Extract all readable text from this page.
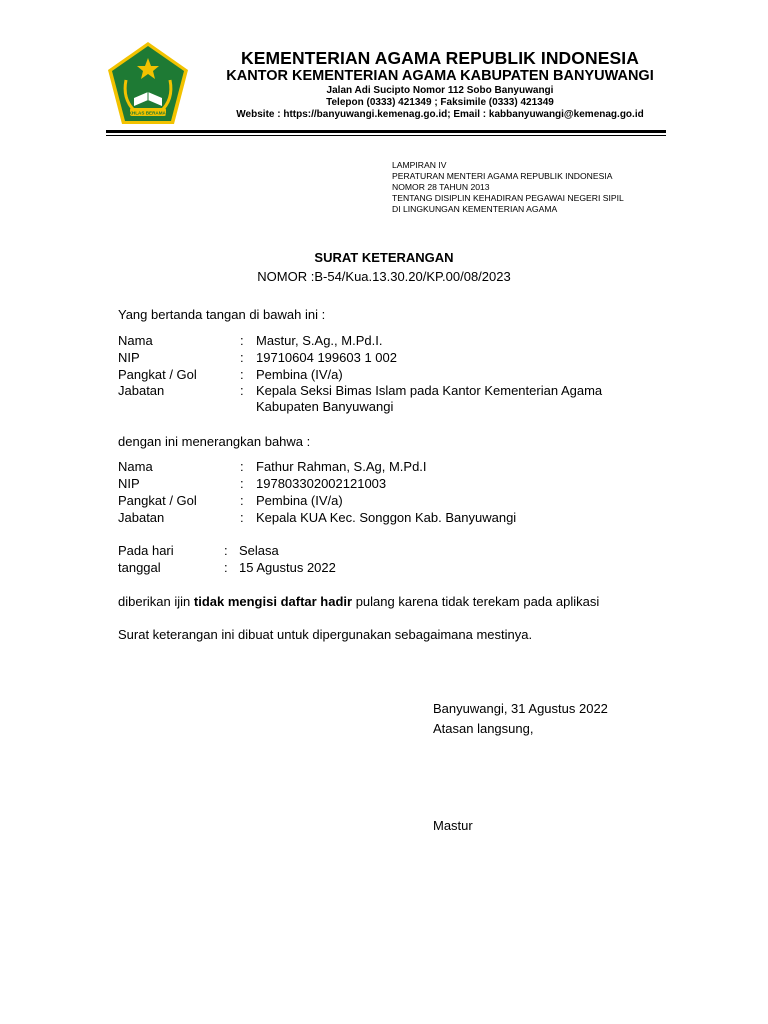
IKHLAS BERAMAL
KEMENTERIAN AGAMA REPUBLIK INDONESIA
KANTOR KEMENTERIAN AGAMA KABUPATEN BANYUWANGI
Jalan Adi Sucipto Nomor 112 Sobo Banyuwangi
Telepon (0333) 421349 ; Faksimile (0333) 421349
Website : https://banyuwangi.kemenag.go.id; Email : kabbanyuwangi@kemenag.go.id
LAMPIRAN IV
PERATURAN MENTERI AGAMA REPUBLIK INDONESIA
NOMOR 28 TAHUN 2013
TENTANG DISIPLIN KEHADIRAN PEGAWAI NEGERI SIPIL
DI LINGKUNGAN KEMENTERIAN AGAMA
SURAT KETERANGAN
NOMOR :B-54/Kua.13.30.20/KP.00/08/2023
Yang bertanda tangan di bawah ini :
Nama	: Mastur, S.Ag., M.Pd.I.
NIP	: 19710604 199603 1 002
Pangkat / Gol	: Pembina (IV/a)
Jabatan	: Kepala Seksi Bimas Islam pada Kantor Kementerian Agama
Kabupaten Banyuwangi
dengan ini menerangkan bahwa :
Nama	: Fathur Rahman, S.Ag, M.Pd.I
NIP	: 197803302002121003
Pangkat / Gol	: Pembina (IV/a)
Jabatan	: Kepala KUA Kec. Songgon Kab. Banyuwangi
Pada hari	: Selasa
tanggal	: 15 Agustus 2022
diberikan ijin tidak mengisi daftar hadir pulang karena tidak terekam pada aplikasi
Surat keterangan ini dibuat untuk dipergunakan sebagaimana mestinya.
Banyuwangi, 31 Agustus 2022
Atasan langsung,
Mastur
